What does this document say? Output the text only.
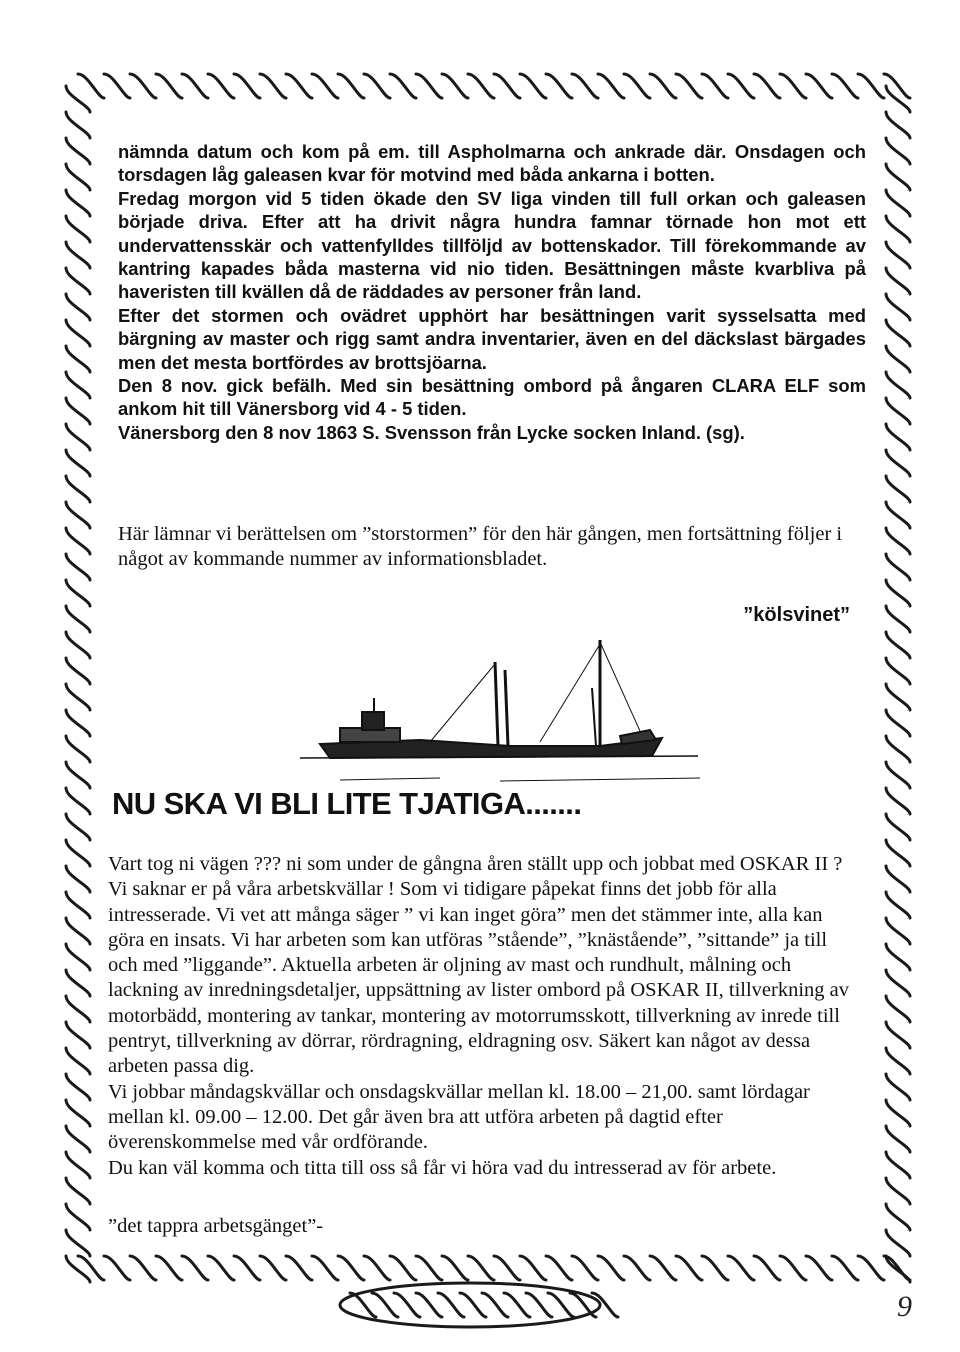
nämnda datum och kom på em. till Aspholmarna och ankrade där. Onsdagen och torsdagen låg galeasen kvar för motvind med båda ankarna i botten.

Fredag morgon vid 5 tiden ökade den SV liga vinden till full orkan och galeasen började driva. Efter att ha drivit några hundra famnar törnade hon mot ett undervattensskär och vattenfylldes tillföljd av bottenskador. Till förekommande av kantring kapades båda masterna vid nio tiden. Besättningen måste kvarbliva på haveristen till kvällen då de räddades av personer från land.

Efter det stormen och ovädret upphört har besättningen varit sysselsatta med bärgning av master och rigg samt andra inventarier, även en del däckslast bärgades men det mesta bortfördes av brottsjöarna.

Den 8 nov. gick befälh. Med sin besättning ombord på ångaren CLARA ELF som ankom hit till Vänersborg vid 4 - 5 tiden.

Vänersborg den 8 nov 1863 S. Svensson från Lycke socken Inland. (sg).

Här lämnar vi berättelsen om ”storstormen” för den här gången, men fortsättning följer i något av kommande nummer av informationsbladet.

”kölsvinet”
NU SKA VI BLI LITE TJATIGA.......

Vart tog ni vägen ??? ni som under de gångna åren ställt upp och jobbat med OSKAR II ? Vi saknar er på våra arbetskvällar ! Som vi tidigare påpekat finns det jobb för alla intresserade. Vi vet att många säger ” vi kan inget göra” men det stämmer inte, alla kan göra en insats. Vi har arbeten som kan utföras ”stående”, ”knästående”, ”sittande” ja till och med ”liggande”. Aktuella arbeten är oljning av mast och rundhult, målning och lackning av inredningsdetaljer, uppsättning av lister ombord på OSKAR II, tillverkning av motorbädd, montering av tankar, montering av motorrumsskott, tillverkning av inrede till pentryt, tillverkning av dörrar, rördragning, eldragning osv. Säkert kan något av dessa arbeten passa dig.

Vi jobbar måndagskvällar och onsdagskvällar mellan kl. 18.00 – 21,00. samt lördagar mellan kl. 09.00 – 12.00. Det går även bra att utföra arbeten på dagtid efter överenskommelse med vår ordförande.

Du kan väl komma och titta till oss så får vi höra vad du intresserad av för arbete.

”det tappra arbetsgänget”-
9
